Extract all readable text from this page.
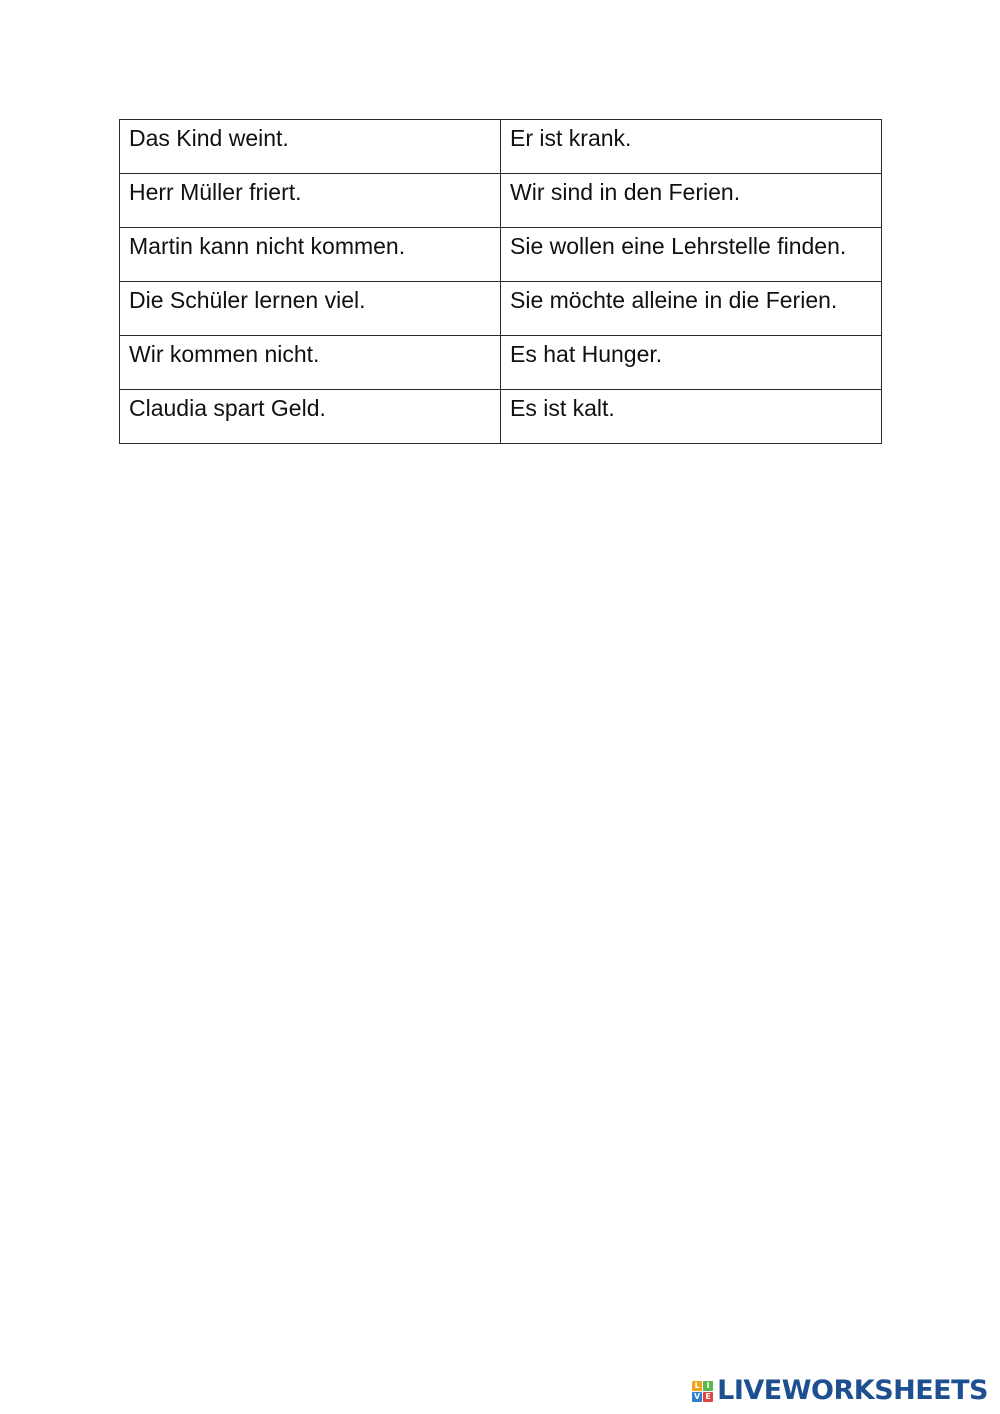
Das Kind weint.	Er ist krank.
Herr Müller friert.	Wir sind in den Ferien.
Martin kann nicht kommen.	Sie wollen eine Lehrstelle finden.
Die Schüler lernen viel.	Sie möchte alleine in die Ferien.
Wir kommen nicht.	Es hat Hunger.
Claudia spart Geld.	Es ist kalt.
L I
V E LIVEWORKSHEETS
